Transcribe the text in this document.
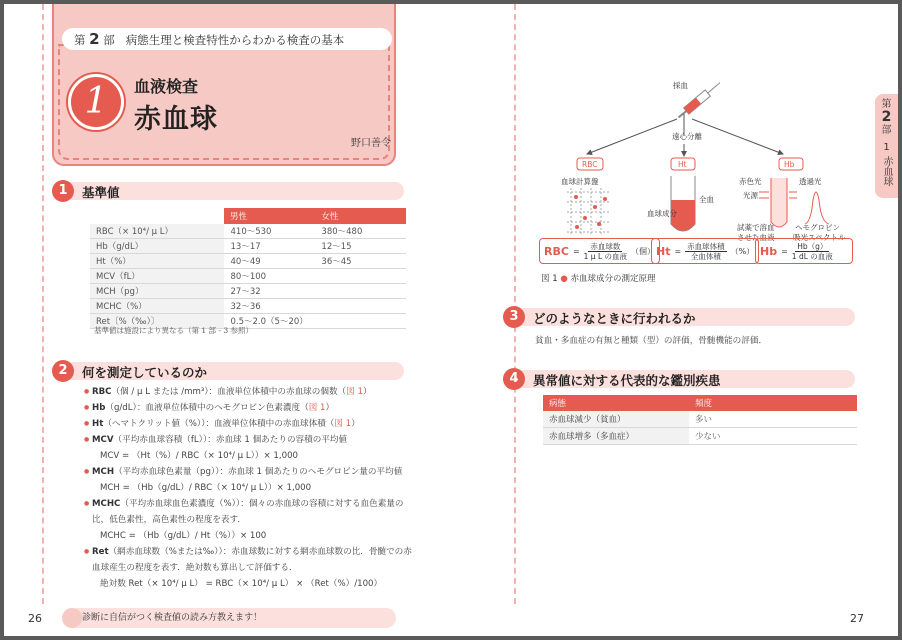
第 2 部 病態生理と検査特性からわかる検査の基本
1	血液検査
赤血球
野口善令
1	基準値
	男性	女性
RBC（× 10⁴/ μ L）	410～530	380～480
Hb（g/dL）	13～17	12～15
Ht（%）	40～49	36～45
MCV（fL）	80～100	
MCH（pg）	27～32	
MCHC（%）	32～36	
Ret〔%（‰）〕	0.5～2.0（5～20）	
基準値は施設により異なる（第 1 部 - 3 参照）
2	何を測定しているのか
● RBC（個 / μ L または /mm³）：血液単位体積中の赤血球の個数（図 1）
● Hb（g/dL）：血液単位体積中のヘモグロビン色素濃度（図 1）
● Ht（ヘマトクリット値（%））：血液単位体積中の赤血球体積（図 1）
● MCV（平均赤血球容積（fL））：赤血球 1 個あたりの容積の平均値
MCV = （Ht（%）/ RBC（× 10⁴/ μ L））× 1,000
● MCH（平均赤血球色素量（pg））：赤血球 1 個あたりのヘモグロビン量の平均値
MCH = （Hb（g/dL）/ RBC（× 10⁴/ μ L））× 1,000
● MCHC（平均赤血球血色素濃度（%））：個々の赤血球の容積に対する血色素量の比，低色素性，高色素性の程度を表す．
MCHC = （Hb（g/dL）/ Ht（%））× 100
● Ret（網赤血球数（%または‰））：赤血球数に対する網赤血球数の比．骨髄での赤血球産生の程度を表す．絶対数も算出して評価する．
絶対数 Ret（× 10⁴/ μ L） = RBC（× 10⁴/ μ L） × （Ret（%）/100）
第
2
部
1
赤血球
採血
遠心分離
RBC
血球計算盤
Ht
血球成分
全血
Hb
赤色光
光源
透過光
試薬で溶血
させた血液
ヘモグロビン
吸光スペクトル
RBC = $\frac{\text{赤血球数}}{\text{1 μ L の血液}}$ （個） $Ht = \frac{\text{赤血球体積}}{\text{全血体積}}$ （%） $Hb = \frac{Hb(g)}{\text{1 dL の血液}}$
図 1 ● 赤血球成分の測定原理
3	どのようなときに行われるか
貧血・多血症の有無と種類（型）の評価，骨髄機能の評価．
4	異常値に対する代表的な鑑別疾患
病態	頻度
赤血球減少（貧血）	多い
赤血球増多（多血症）	少ない
26	診断に自信がつく検査値の読み方教えます！	27
